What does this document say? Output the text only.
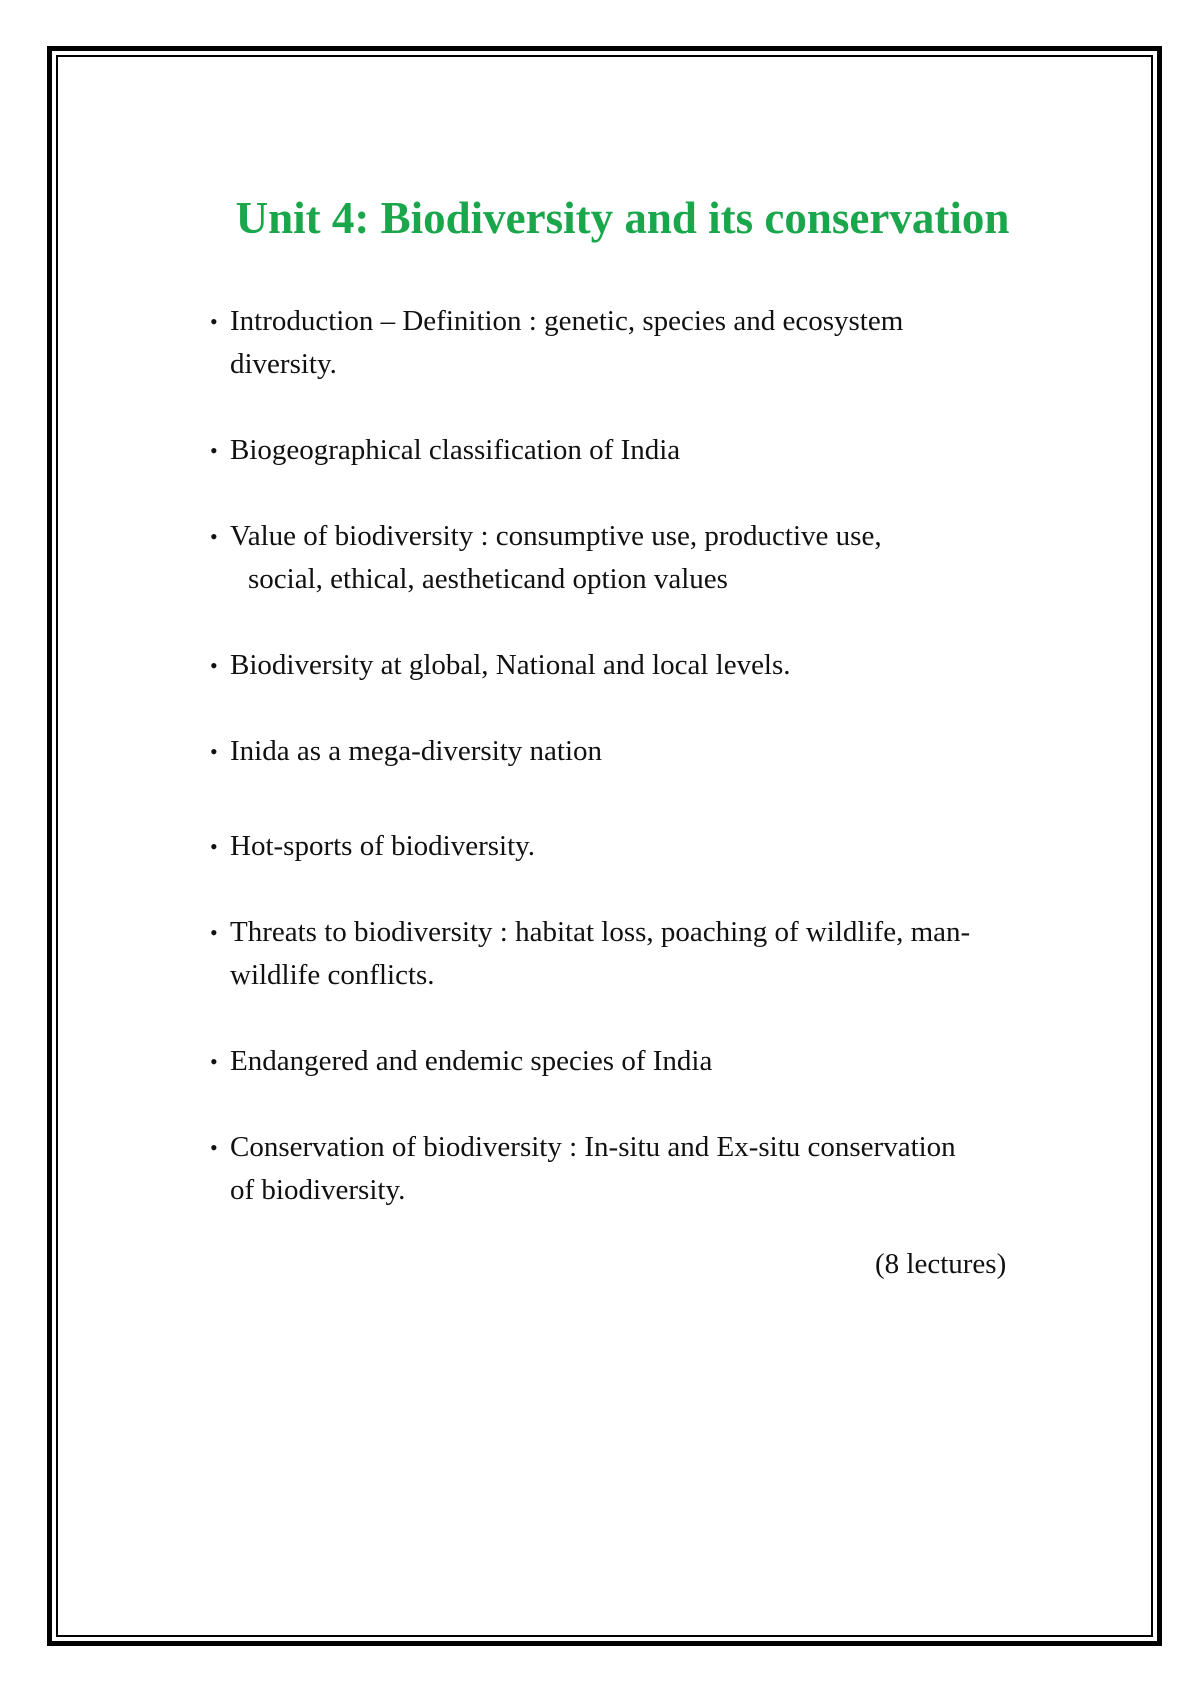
Unit 4: Biodiversity and its conservation
• Introduction – Definition : genetic, species and ecosystem
diversity.
• Biogeographical classification of India
• Value of biodiversity : consumptive use, productive use,
social, ethical, aestheticand option values
• Biodiversity at global, National and local levels.
• Inida as a mega-diversity nation
• Hot-sports of biodiversity.
• Threats to biodiversity : habitat loss, poaching of wildlife, man-
wildlife conflicts.
• Endangered and endemic species of India
• Conservation of biodiversity : In-situ and Ex-situ conservation
of biodiversity.
(8 lectures)
